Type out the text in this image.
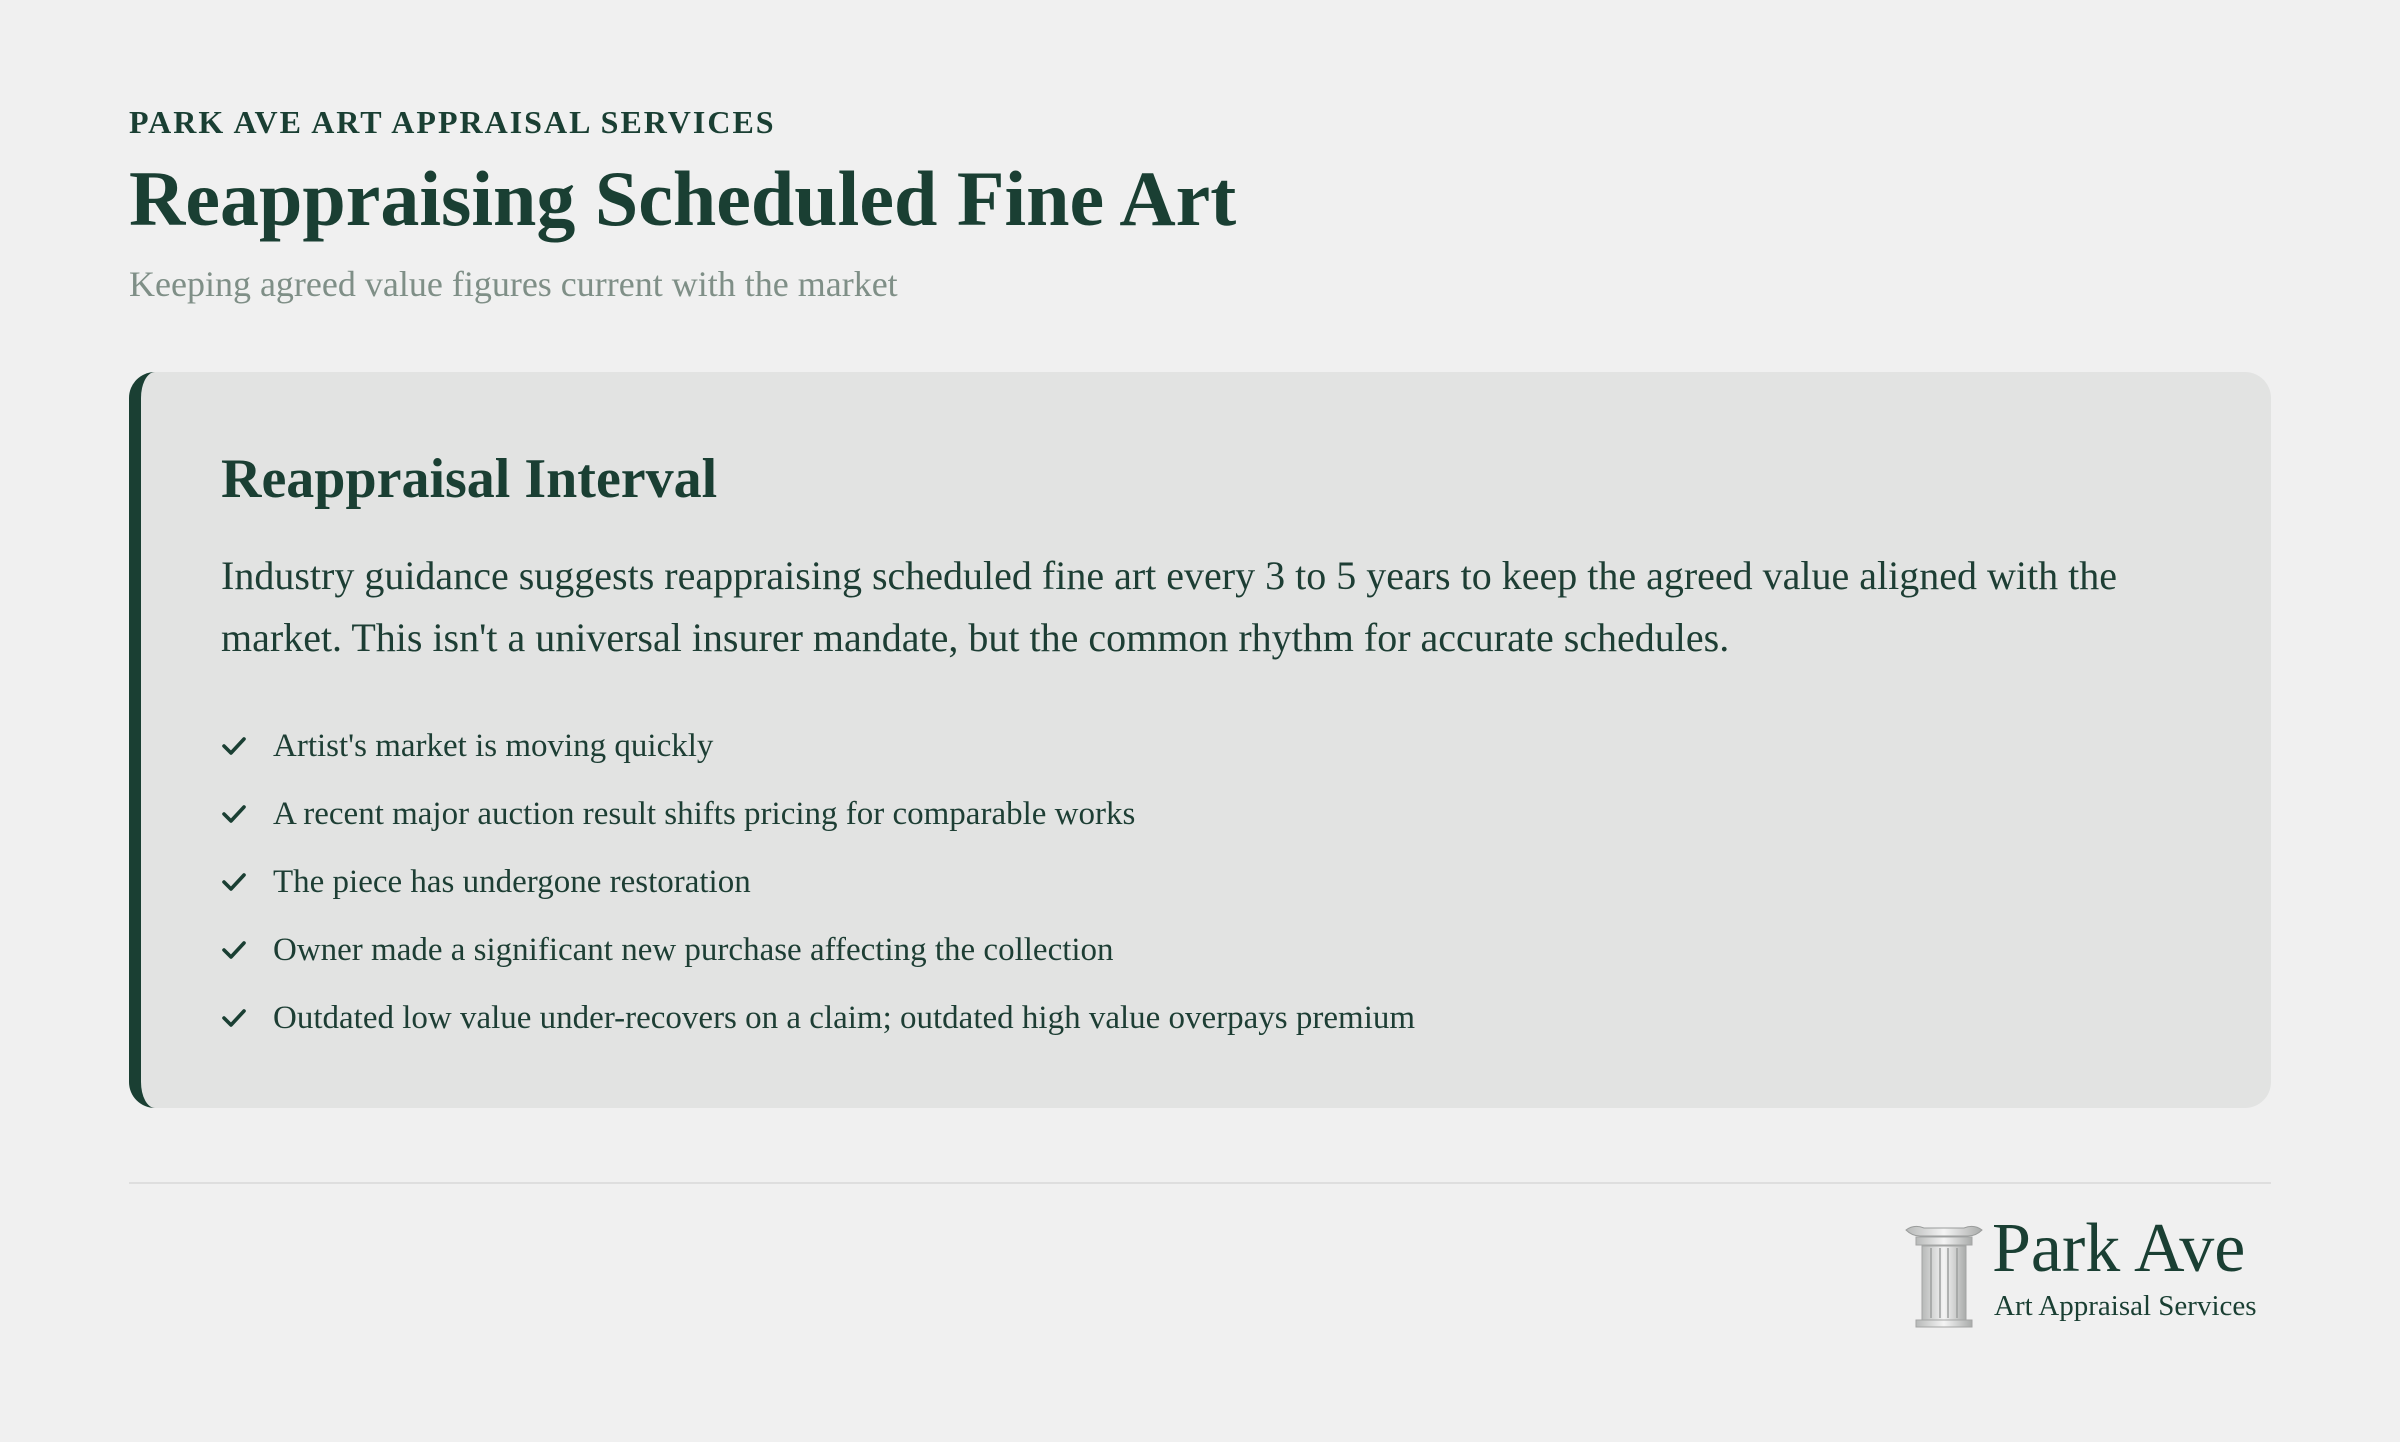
PARK AVE ART APPRAISAL SERVICES
Reappraising Scheduled Fine Art
Keeping agreed value figures current with the market
Reappraisal Interval

Industry guidance suggests reappraising scheduled fine art every 3 to 5 years to keep the agreed value aligned with the market. This isn't a universal insurer mandate, but the common rhythm for accurate schedules.

Artist's market is moving quickly
A recent major auction result shifts pricing for comparable works
The piece has undergone restoration
Owner made a significant new purchase affecting the collection
Outdated low value under-recovers on a claim; outdated high value overpays premium
Park Ave
Art Appraisal Services
